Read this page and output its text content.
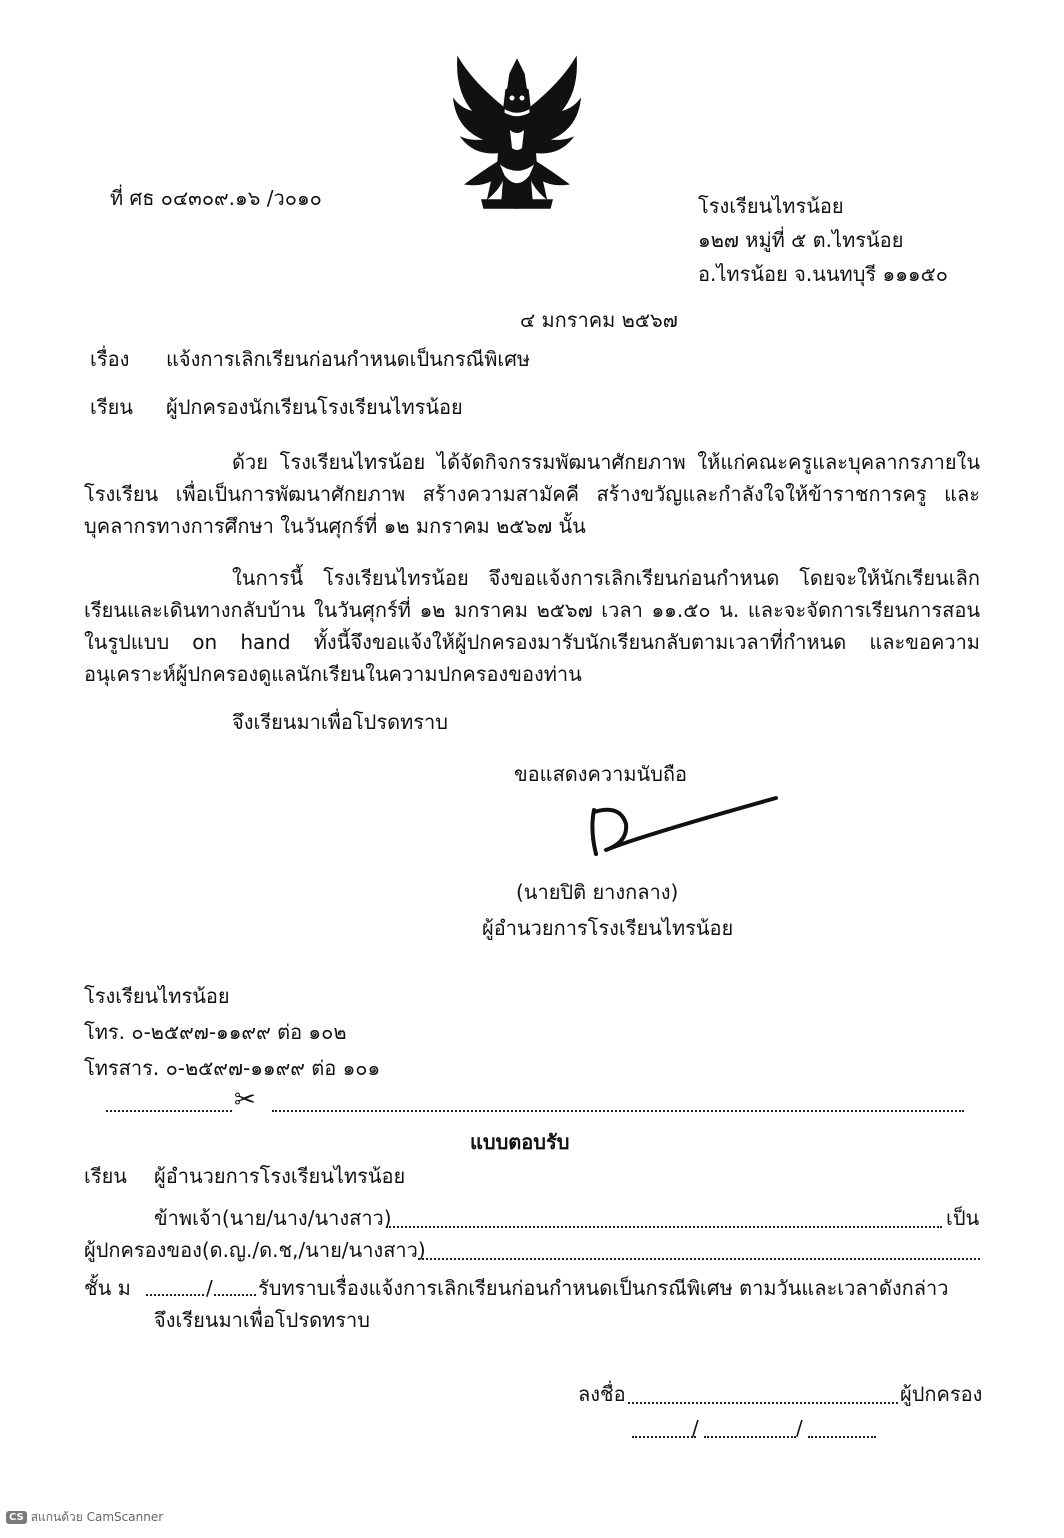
ที่ ศธ ๐๔๓๐๙.๑๖ /ว๐๑๐	โรงเรียนไทรน้อย
๑๒๗ หมู่ที่ ๕ ต.ไทรน้อย
อ.ไทรน้อย จ.นนทบุรี ๑๑๑๕๐
๔ มกราคม ๒๕๖๗
เรื่อง แจ้งการเลิกเรียนก่อนกำหนดเป็นกรณีพิเศษ
เรียน ผู้ปกครองนักเรียนโรงเรียนไทรน้อย
ด้วย โรงเรียนไทรน้อย ได้จัดกิจกรรมพัฒนาศักยภาพ ให้แก่คณะครูและบุคลากรภายในโรงเรียน เพื่อเป็นการพัฒนาศักยภาพ สร้างความสามัคคี สร้างขวัญและกำลังใจให้ข้าราชการครู และบุคลากรทางการศึกษา ในวันศุกร์ที่ ๑๒ มกราคม ๒๕๖๗ นั้น
ในการนี้ โรงเรียนไทรน้อย จึงขอแจ้งการเลิกเรียนก่อนกำหนด โดยจะให้นักเรียนเลิกเรียนและเดินทางกลับบ้าน ในวันศุกร์ที่ ๑๒ มกราคม ๒๕๖๗ เวลา ๑๑.๕๐ น. และจะจัดการเรียนการสอนในรูปแบบ on hand ทั้งนี้จึงขอแจ้งให้ผู้ปกครองมารับนักเรียนกลับตามเวลาที่กำหนด และขอความอนุเคราะห์ผู้ปกครองดูแลนักเรียนในความปกครองของท่าน
จึงเรียนมาเพื่อโปรดทราบ
ขอแสดงความนับถือ
(นายปิติ ยางกลาง)
ผู้อำนวยการโรงเรียนไทรน้อย
โรงเรียนไทรน้อย
โทร. ๐-๒๕๙๗-๑๑๙๙ ต่อ ๑๐๒
โทรสาร. ๐-๒๕๙๗-๑๑๙๙ ต่อ ๑๐๑
✂
แบบตอบรับ
เรียน ผู้อำนวยการโรงเรียนไทรน้อย
ข้าพเจ้า(นาย/นาง/นางสาว)	เป็น
ผู้ปกครองของ(ด.ญ./ด.ช,/นาย/นางสาว)
ชั้น ม	/ รับทราบเรื่องแจ้งการเลิกเรียนก่อนกำหนดเป็นกรณีพิเศษ ตามวันและเวลาดังกล่าว
จึงเรียนมาเพื่อโปรดทราบ
ลงชื่อ	ผู้ปกครอง
/	/
CS สแกนด้วย CamScanner
